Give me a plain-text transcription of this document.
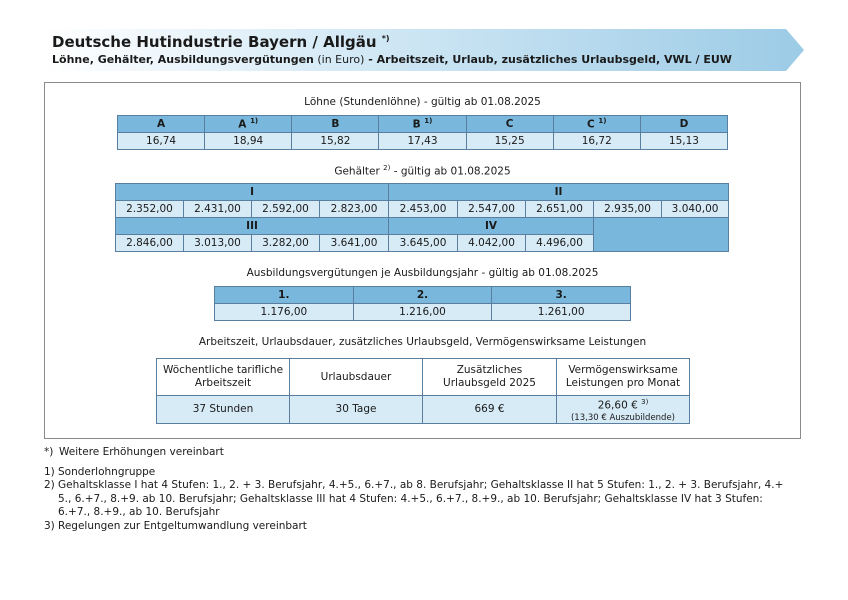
Deutsche Hutindustrie Bayern / Allgäu *)
Löhne, Gehälter, Ausbildungsvergütungen (in Euro) - Arbeitszeit, Urlaub, zusätzliches Urlaubsgeld, VWL / EUW
Löhne (Stundenlöhne) - gültig ab 01.08.2025
A	A $^{1)}$	B	B $^{1)}$	C	C $^{1)}$	D
16,74	18,94	15,82	17,43	15,25	16,72	15,13
Gehälter $^{2)}$ - gültig ab 01.08.2025
I				II				
2.352,00	2.431,00	2.592,00	2.823,00	2.453,00	2.547,00	2.651,00	2.935,00	3.040,00
III				IV				
2.846,00	3.013,00	3.282,00	3.641,00	3.645,00	4.042,00	4.496,00		
Ausbildungsvergütungen je Ausbildungsjahr - gültig ab 01.08.2025
1.	2.	3.
1.176,00	1.216,00	1.261,00
Arbeitszeit, Urlaubsdauer, zusätzliches Urlaubsgeld, Vermögenswirksame Leistungen
Wöchentliche tarifliche Arbeitszeit	Urlaubsdauer	Zusätzliches Urlaubsgeld 2025	Vermögenswirksame Leistungen pro Monat
37 Stunden	30 Tage	669 €	26,60 € $^{3)}$
(13,30 € Auszubildende)
*) Weitere Erhöhungen vereinbart
1) Sonderlohngruppe
2) Gehaltsklasse I hat 4 Stufen: 1., 2. + 3. Berufsjahr, 4.+5., 6.+7., ab 8. Berufsjahr; Gehaltsklasse II hat 5 Stufen: 1., 2. + 3. Berufsjahr, 4.+ 5., 6.+7., 8.+9. ab 10. Berufsjahr; Gehaltsklasse III hat 4 Stufen: 4.+5., 6.+7., 8.+9., ab 10. Berufsjahr; Gehaltsklasse IV hat 3 Stufen: 6.+7., 8.+9., ab 10. Berufsjahr
3) Regelungen zur Entgeltumwandlung vereinbart
